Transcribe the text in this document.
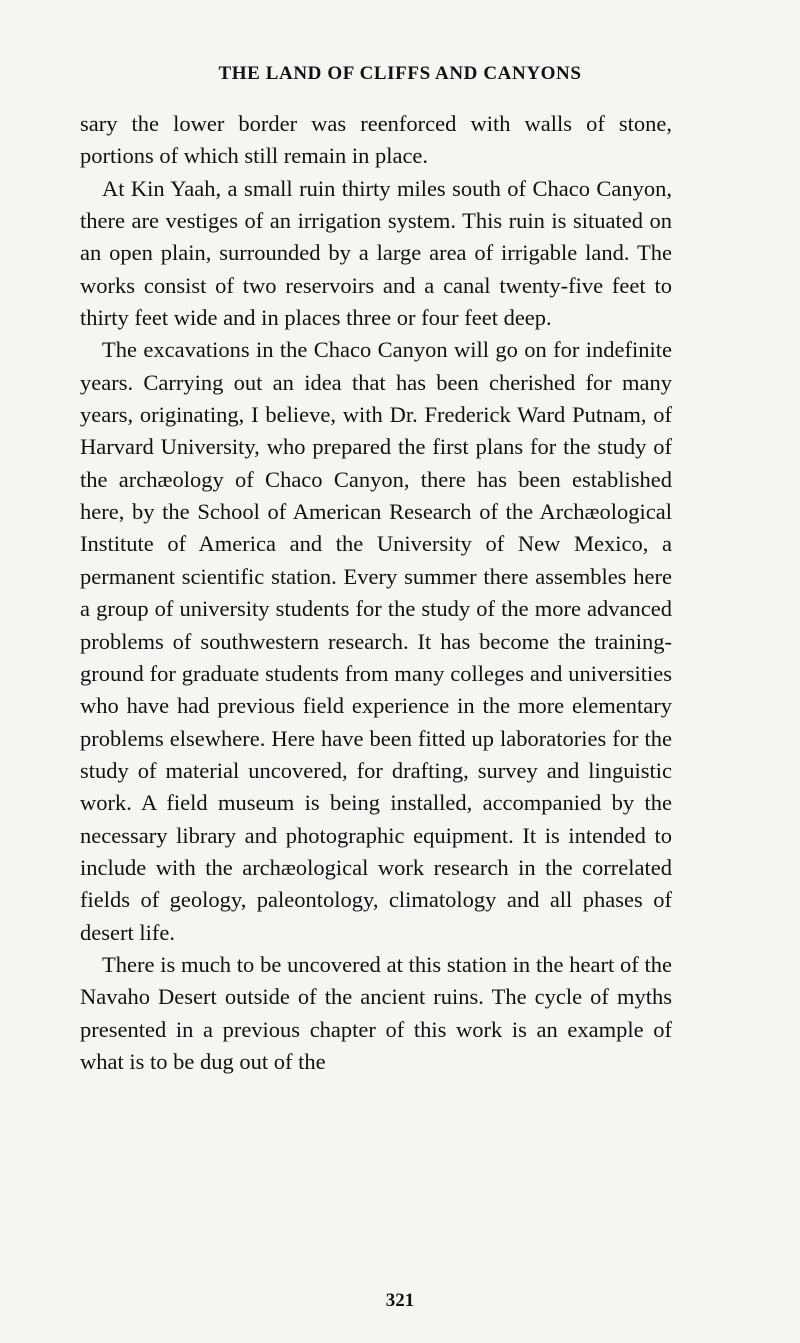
THE LAND OF CLIFFS AND CANYONS

sary the lower border was reenforced with walls of stone, portions of which still remain in place.

At Kin Yaah, a small ruin thirty miles south of Chaco Canyon, there are vestiges of an irrigation system. This ruin is situated on an open plain, surrounded by a large area of irrigable land. The works consist of two reservoirs and a canal twenty-five feet to thirty feet wide and in places three or four feet deep.

The excavations in the Chaco Canyon will go on for indefinite years. Carrying out an idea that has been cherished for many years, originating, I believe, with Dr. Frederick Ward Putnam, of Harvard University, who prepared the first plans for the study of the archæology of Chaco Canyon, there has been established here, by the School of American Research of the Archæological Institute of America and the University of New Mexico, a permanent scientific station. Every summer there assembles here a group of university students for the study of the more advanced problems of southwestern research. It has become the training-ground for graduate students from many colleges and universities who have had previous field experience in the more elementary problems elsewhere. Here have been fitted up laboratories for the study of material uncovered, for drafting, survey and linguistic work. A field museum is being installed, accompanied by the necessary library and photographic equipment. It is intended to include with the archæological work research in the correlated fields of geology, paleontology, climatology and all phases of desert life.

There is much to be uncovered at this station in the heart of the Navaho Desert outside of the ancient ruins. The cycle of myths presented in a previous chapter of this work is an example of what is to be dug out of the

321
